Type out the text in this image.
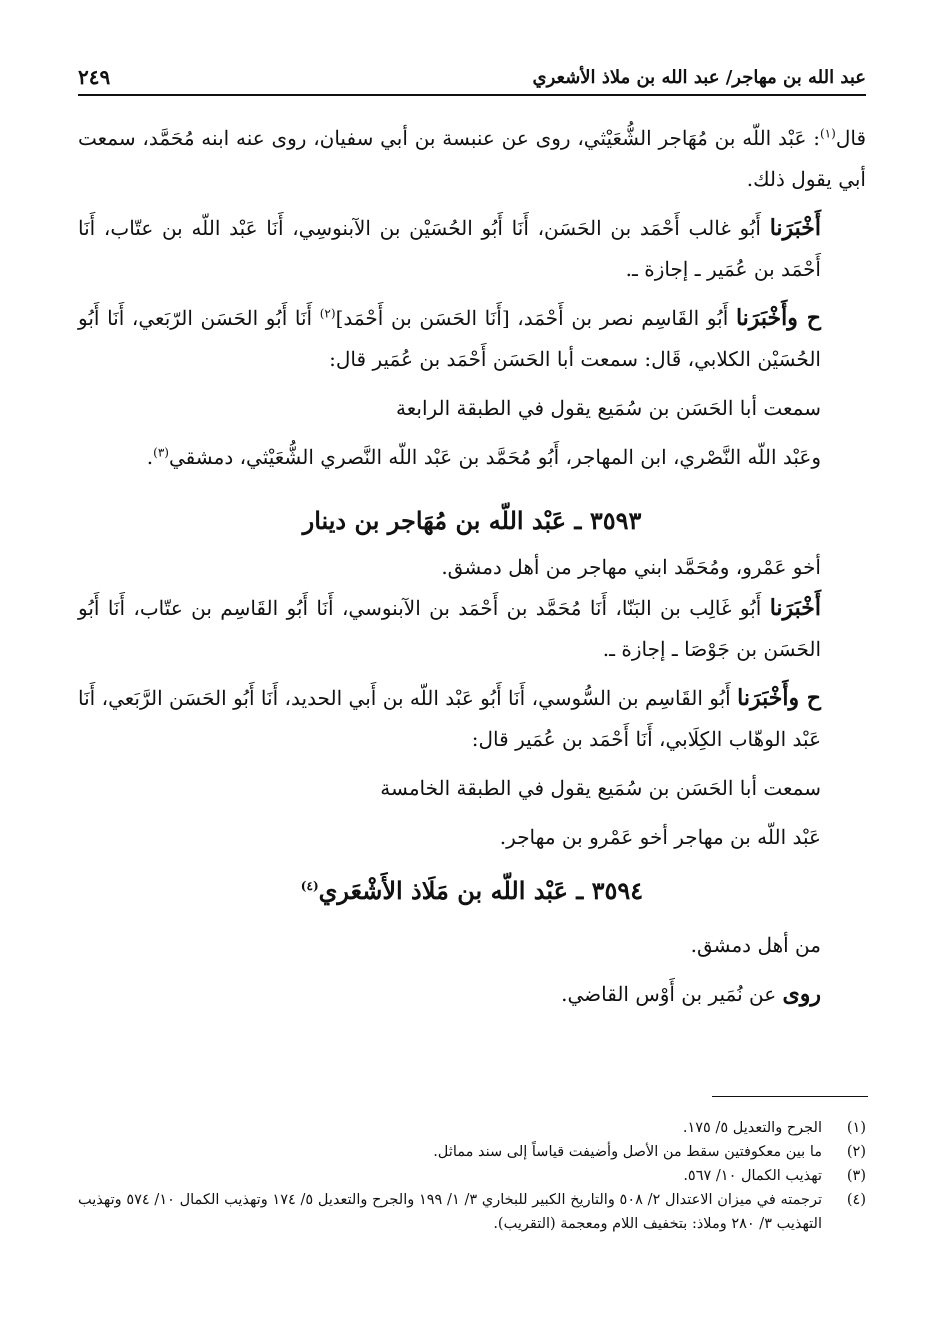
عبد الله بن مهاجر/ عبد الله بن ملاذ الأشعري
٢٤٩

قال$^{(١)}$: عَبْد اللّه بن مُهَاجر الشُّعَيْثي، روى عن عنبسة بن أبي سفيان، روى عنه ابنه مُحَمَّد، سمعت أبي يقول ذلك.

أَخْبَرَنا أَبُو غالب أَحْمَد بن الحَسَن، أَنَا أَبُو الحُسَيْن بن الآبنوسِي، أَنَا عَبْد اللّه بن عتّاب، أَنَا أَحْمَد بن عُمَير ـ إجازة ـ.

ح وأَخْبَرَنا أَبُو القَاسِم نصر بن أَحْمَد، [أَنَا الحَسَن بن أَحْمَد]$^{(٢)}$ أَنَا أَبُو الحَسَن الرّبَعي، أَنَا أَبُو الحُسَيْن الكلابي، قَال: سمعت أبا الحَسَن أَحْمَد بن عُمَير قال:

سمعت أبا الحَسَن بن سُمَيع يقول في الطبقة الرابعة

وعَبْد اللّه النَّصْري، ابن المهاجر، أَبُو مُحَمَّد بن عَبْد اللّه النَّصري الشُّعَيْثي، دمشقي$^{(٣)}$.

٣٥٩٣ ـ عَبْد اللّه بن مُهَاجر بن دينار

أخو عَمْرو، ومُحَمَّد ابني مهاجر من أهل دمشق.

أَخْبَرَنا أَبُو غَالِب بن البَنّا، أَنَا مُحَمَّد بن أَحْمَد بن الآبنوسي، أَنَا أَبُو القَاسِم بن عتّاب، أَنَا أَبُو الحَسَن بن جَوْصَا ـ إجازة ـ.

ح وأَخْبَرَنا أَبُو القَاسِم بن السُّوسي، أَنَا أَبُو عَبْد اللّه بن أَبي الحديد، أَنَا أَبُو الحَسَن الرَّبَعي، أَنَا عَبْد الوهّاب الكِلَابي، أَنَا أَحْمَد بن عُمَير قال:

سمعت أبا الحَسَن بن سُمَيع يقول في الطبقة الخامسة

عَبْد اللّه بن مهاجر أخو عَمْرو بن مهاجر.

٣٥٩٤ ـ عَبْد اللّه بن مَلَاذ الأَشْعَري$^{(٤)}$

من أهل دمشق.

روى عن نُمَير بن أَوْس القاضي.

(١)
الجرح والتعديل ٥/ ١٧٥.
(٢)
ما بين معكوفتين سقط من الأصل وأضيفت قياساً إلى سند مماثل.
(٣)
تهذيب الكمال ١٠/ ٥٦٧.
(٤)
ترجمته في ميزان الاعتدال ٢/ ٥٠٨ والتاريخ الكبير للبخاري ٣/ ١/ ١٩٩ والجرح والتعديل ٥/ ١٧٤ وتهذيب الكمال ١٠/ ٥٧٤ وتهذيب التهذيب ٣/ ٢٨٠ وملاذ: بتخفيف اللام ومعجمة (التقريب).
